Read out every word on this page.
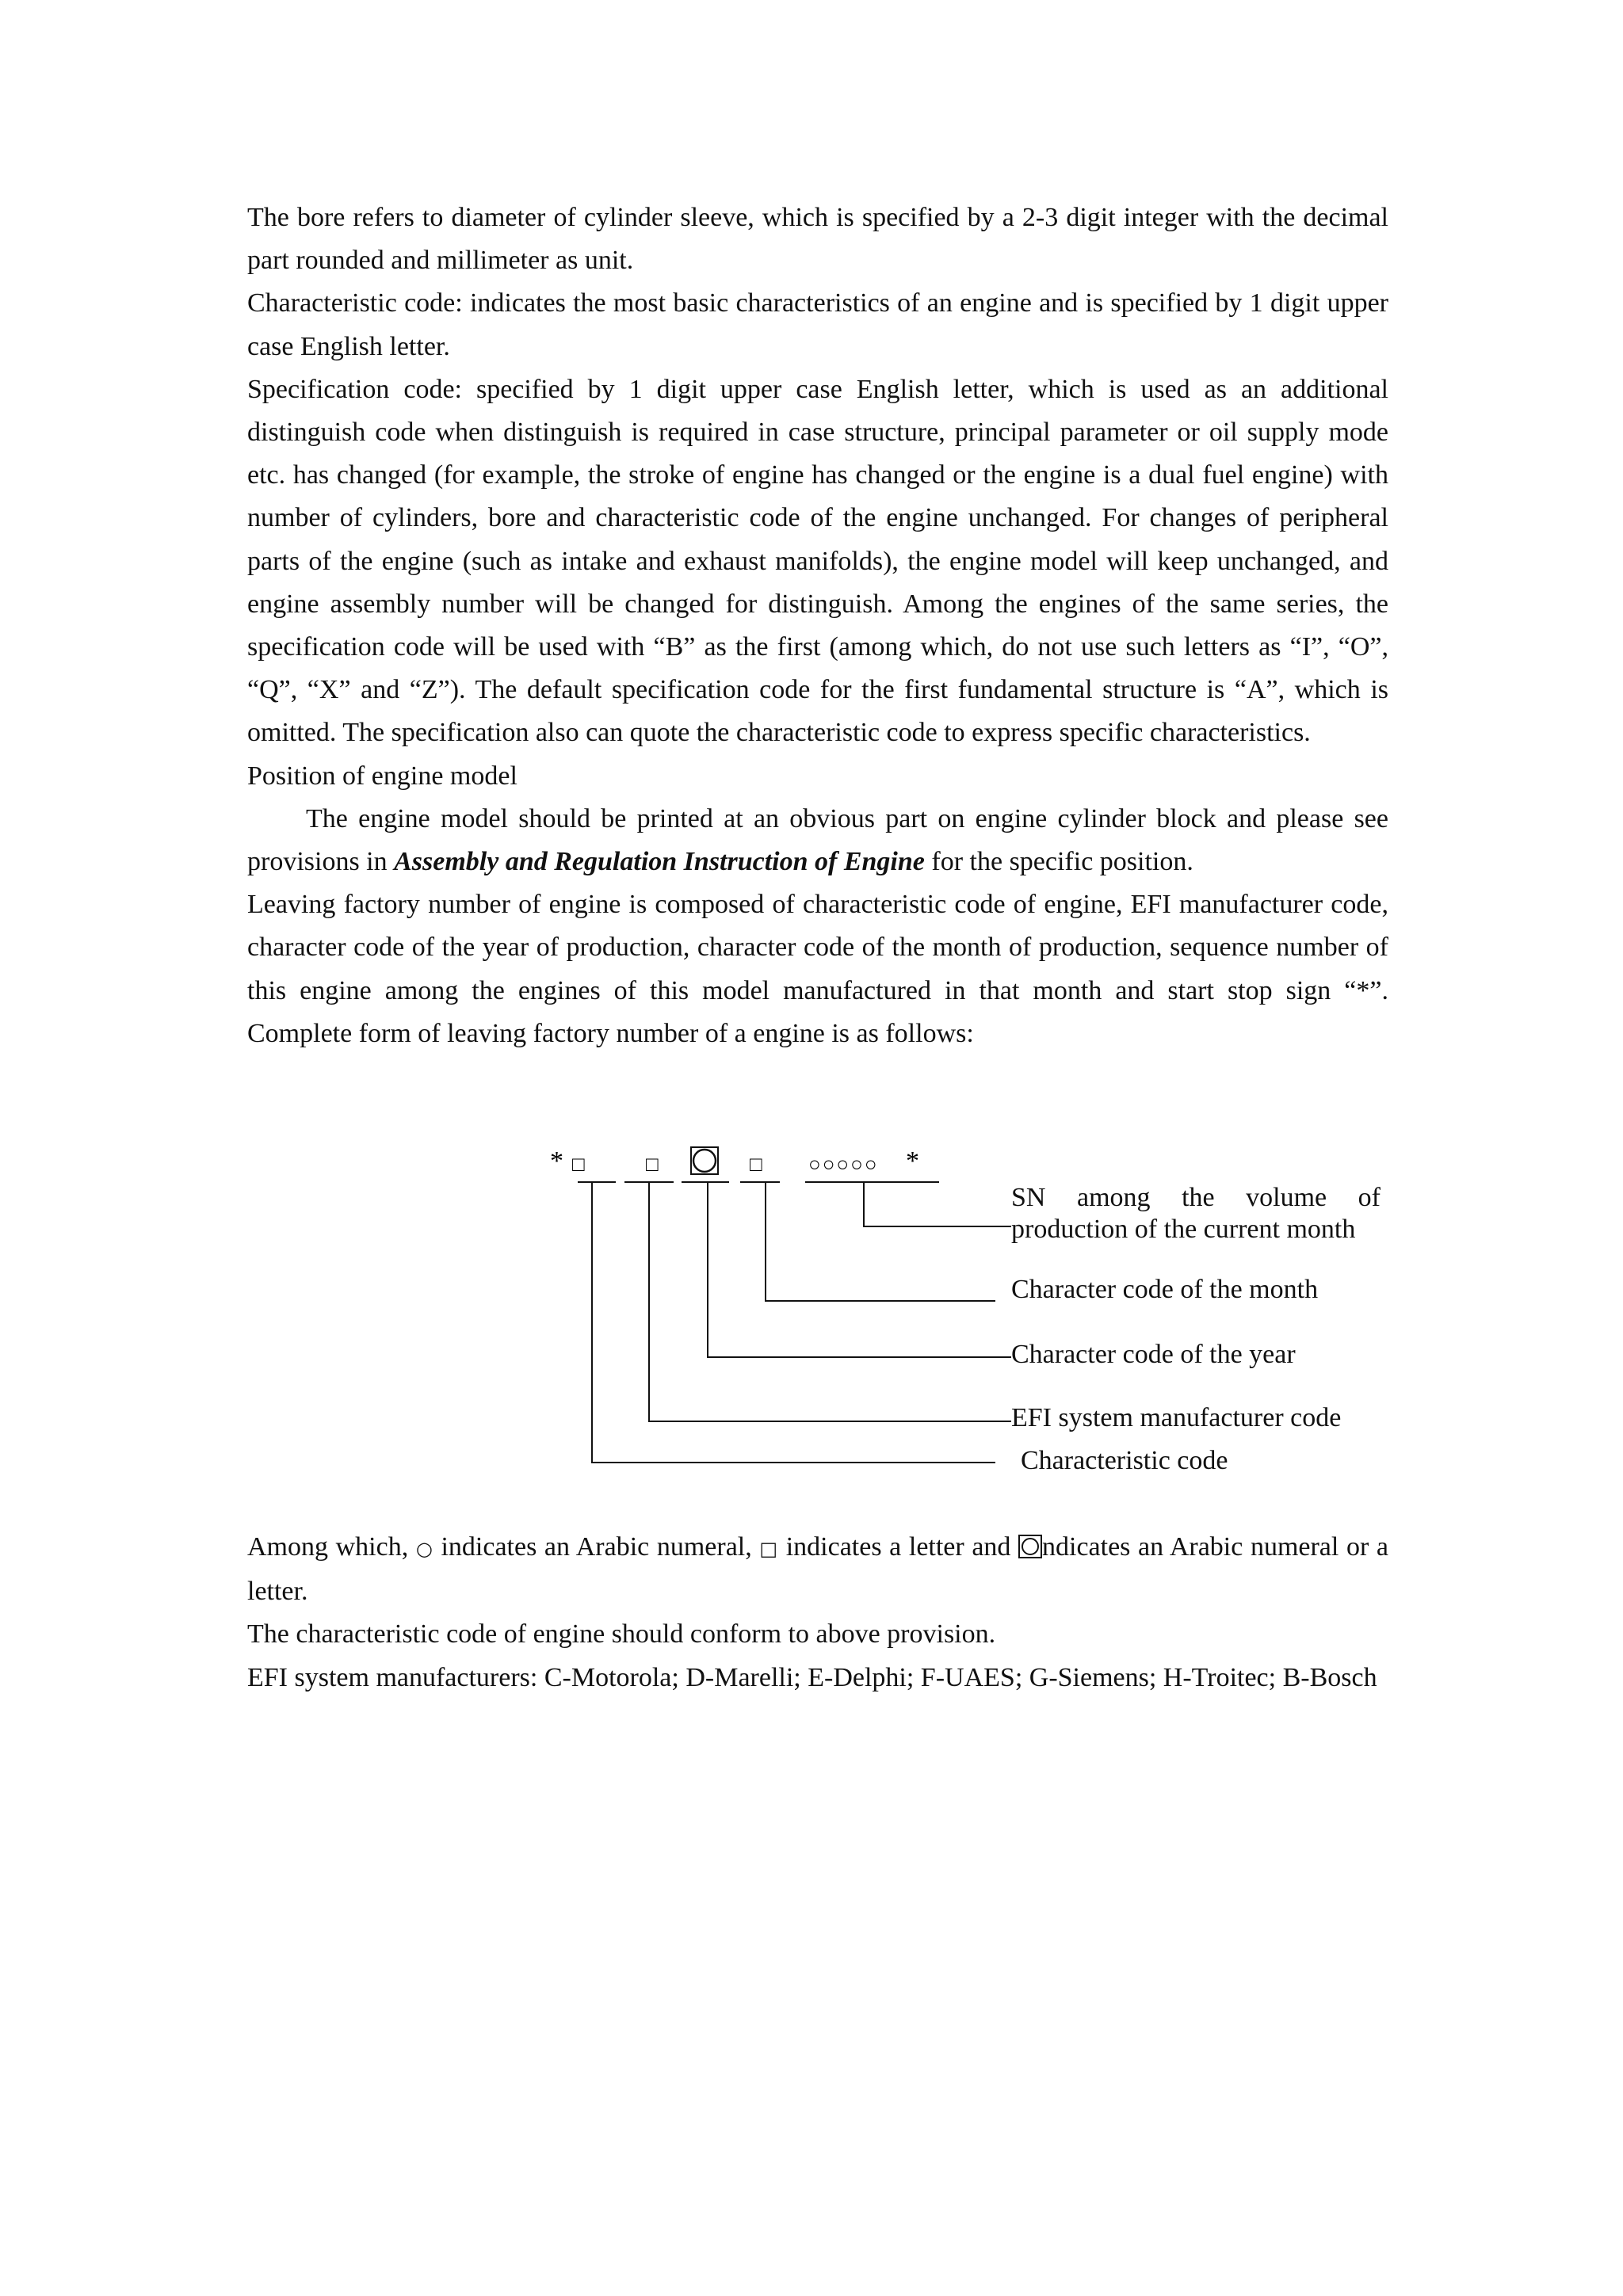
The bore refers to diameter of cylinder sleeve, which is specified by a 2-3 digit integer with the decimal part rounded and millimeter as unit.

Characteristic code: indicates the most basic characteristics of an engine and is specified by 1 digit upper case English letter.

Specification code: specified by 1 digit upper case English letter, which is used as an additional distinguish code when distinguish is required in case structure, principal parameter or oil supply mode etc. has changed (for example, the stroke of engine has changed or the engine is a dual fuel engine) with number of cylinders, bore and characteristic code of the engine unchanged. For changes of peripheral parts of the engine (such as intake and exhaust manifolds), the engine model will keep unchanged, and engine assembly number will be changed for distinguish. Among the engines of the same series, the specification code will be used with “B” as the first (among which, do not use such letters as “I”, “O”, “Q”, “X” and “Z”). The default specification code for the first fundamental structure is “A”, which is omitted. The specification also can quote the characteristic code to express specific characteristics.

Position of engine model

The engine model should be printed at an obvious part on engine cylinder block and please see provisions in Assembly and Regulation Instruction of Engine for the specific position.

Leaving factory number of engine is composed of characteristic code of engine, EFI manufacturer code, character code of the year of production, character code of the month of production, sequence number of this engine among the engines of this model manufactured in that month and start stop sign “*”. Complete form of leaving factory number of a engine is as follows:

* □	□	□ ○○○○○ *
SN among the volume of production of the current month
Character code of the month
Character code of the year
EFI system manufacturer code
Characteristic code

Among which, ○ indicates an Arabic numeral, □ indicates a letter and ndicates an Arabic numeral or a letter.

The characteristic code of engine should conform to above provision.

EFI system manufacturers: C-Motorola; D-Marelli; E-Delphi; F-UAES; G-Siemens; H-Troitec; B-Bosch
